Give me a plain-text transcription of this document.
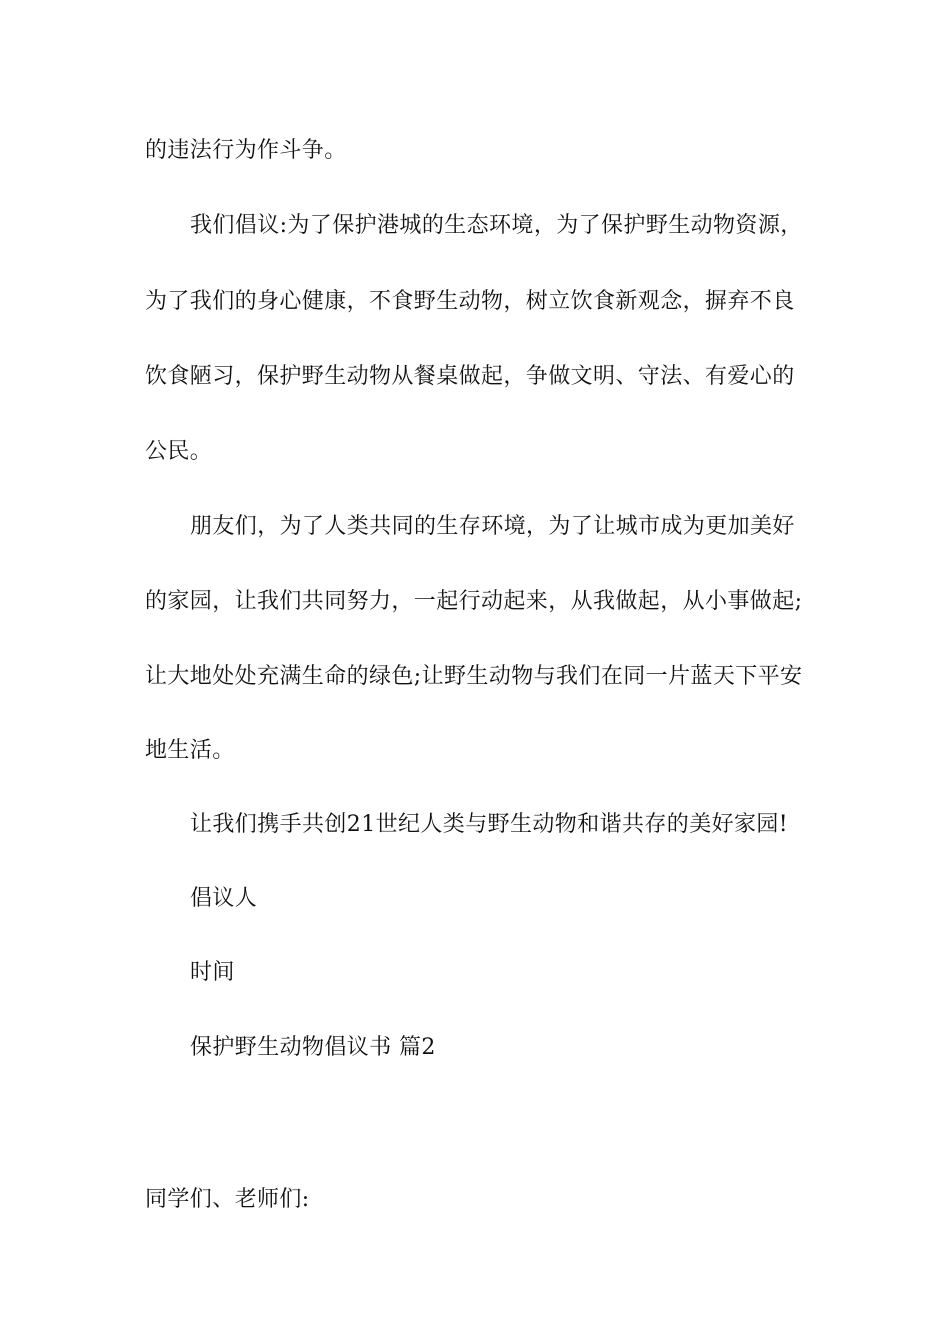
的违法行为作斗争。
我们倡议:为了保护港城的生态环境，为了保护野生动物资源，
为了我们的身心健康，不食野生动物，树立饮食新观念，摒弃不良
饮食陋习，保护野生动物从餐桌做起，争做文明、守法、有爱心的
公民。
朋友们，为了人类共同的生存环境，为了让城市成为更加美好
的家园，让我们共同努力，一起行动起来，从我做起，从小事做起;
让大地处处充满生命的绿色;让野生动物与我们在同一片蓝天下平安
地生活。
让我们携手共创21世纪人类与野生动物和谐共存的美好家园!
倡议人
时间
保护野生动物倡议书 篇2
同学们、老师们:
